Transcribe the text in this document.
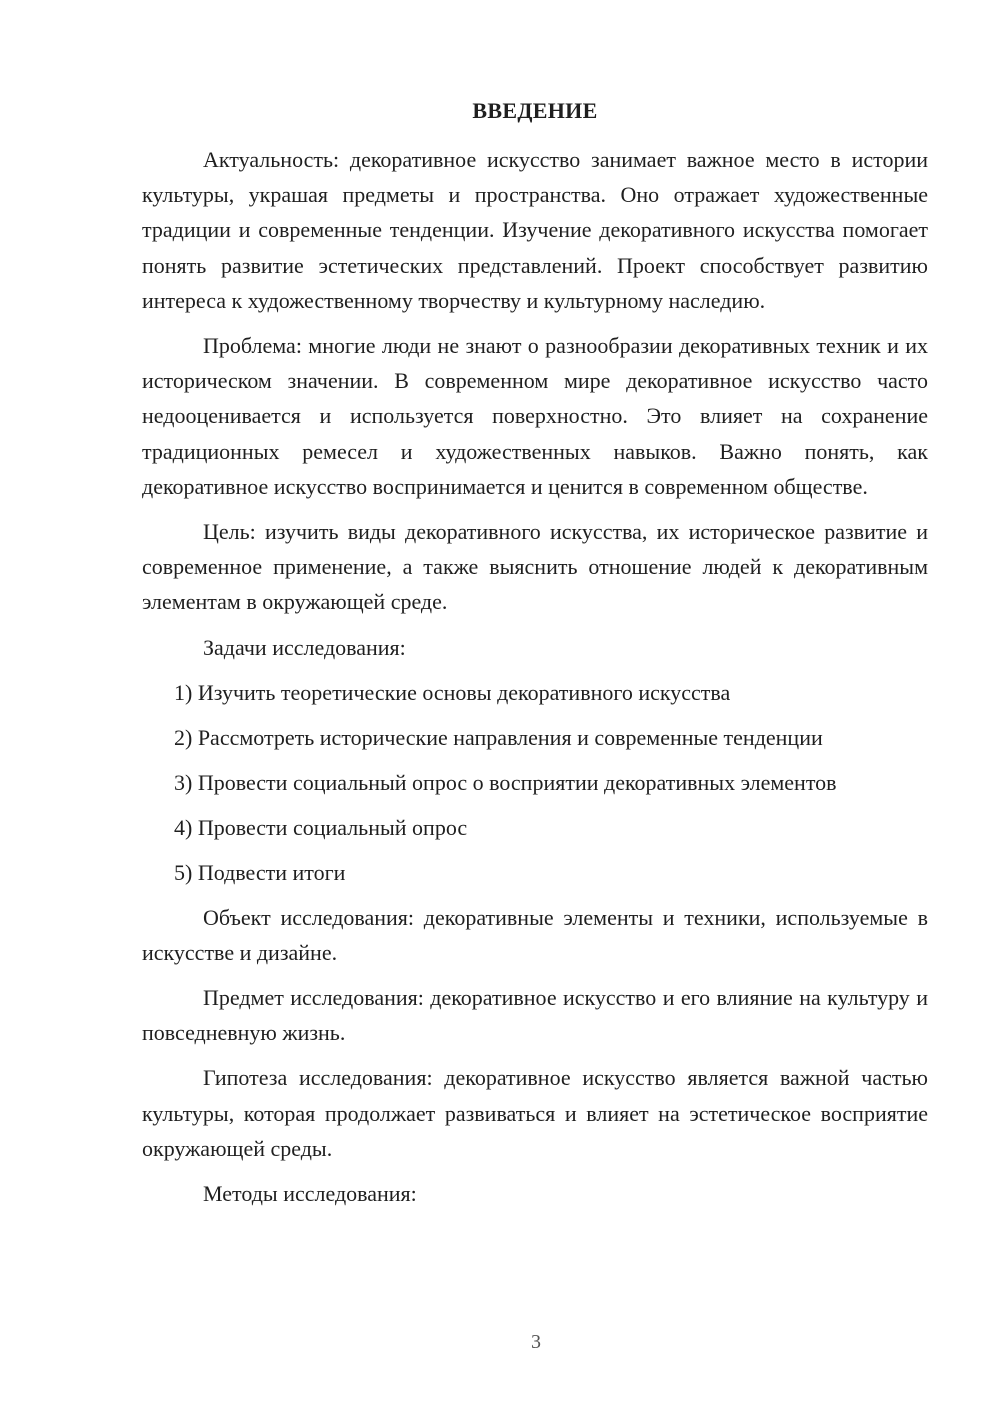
ВВЕДЕНИЕ

Актуальность: декоративное искусство занимает важное место в истории культуры, украшая предметы и пространства. Оно отражает художественные традиции и современные тенденции. Изучение декоративного искусства помогает понять развитие эстетических представлений. Проект способствует развитию интереса к художественному творчеству и культурному наследию.

Проблема: многие люди не знают о разнообразии декоративных техник и их историческом значении. В современном мире декоративное искусство часто недооценивается и используется поверхностно. Это влияет на сохранение традиционных ремесел и художественных навыков. Важно понять, как декоративное искусство воспринимается и ценится в современном обществе.

Цель: изучить виды декоративного искусства, их историческое развитие и современное применение, а также выяснить отношение людей к декоративным элементам в окружающей среде.

Задачи исследования:
1) Изучить теоретические основы декоративного искусства
2) Рассмотреть исторические направления и современные тенденции
3) Провести социальный опрос о восприятии декоративных элементов
4) Провести социальный опрос
5) Подвести итоги

Объект исследования: декоративные элементы и техники, используемые в искусстве и дизайне.

Предмет исследования: декоративное искусство и его влияние на культуру и повседневную жизнь.

Гипотеза исследования: декоративное искусство является важной частью культуры, которая продолжает развиваться и влияет на эстетическое восприятие окружающей среды.

Методы исследования:
3
